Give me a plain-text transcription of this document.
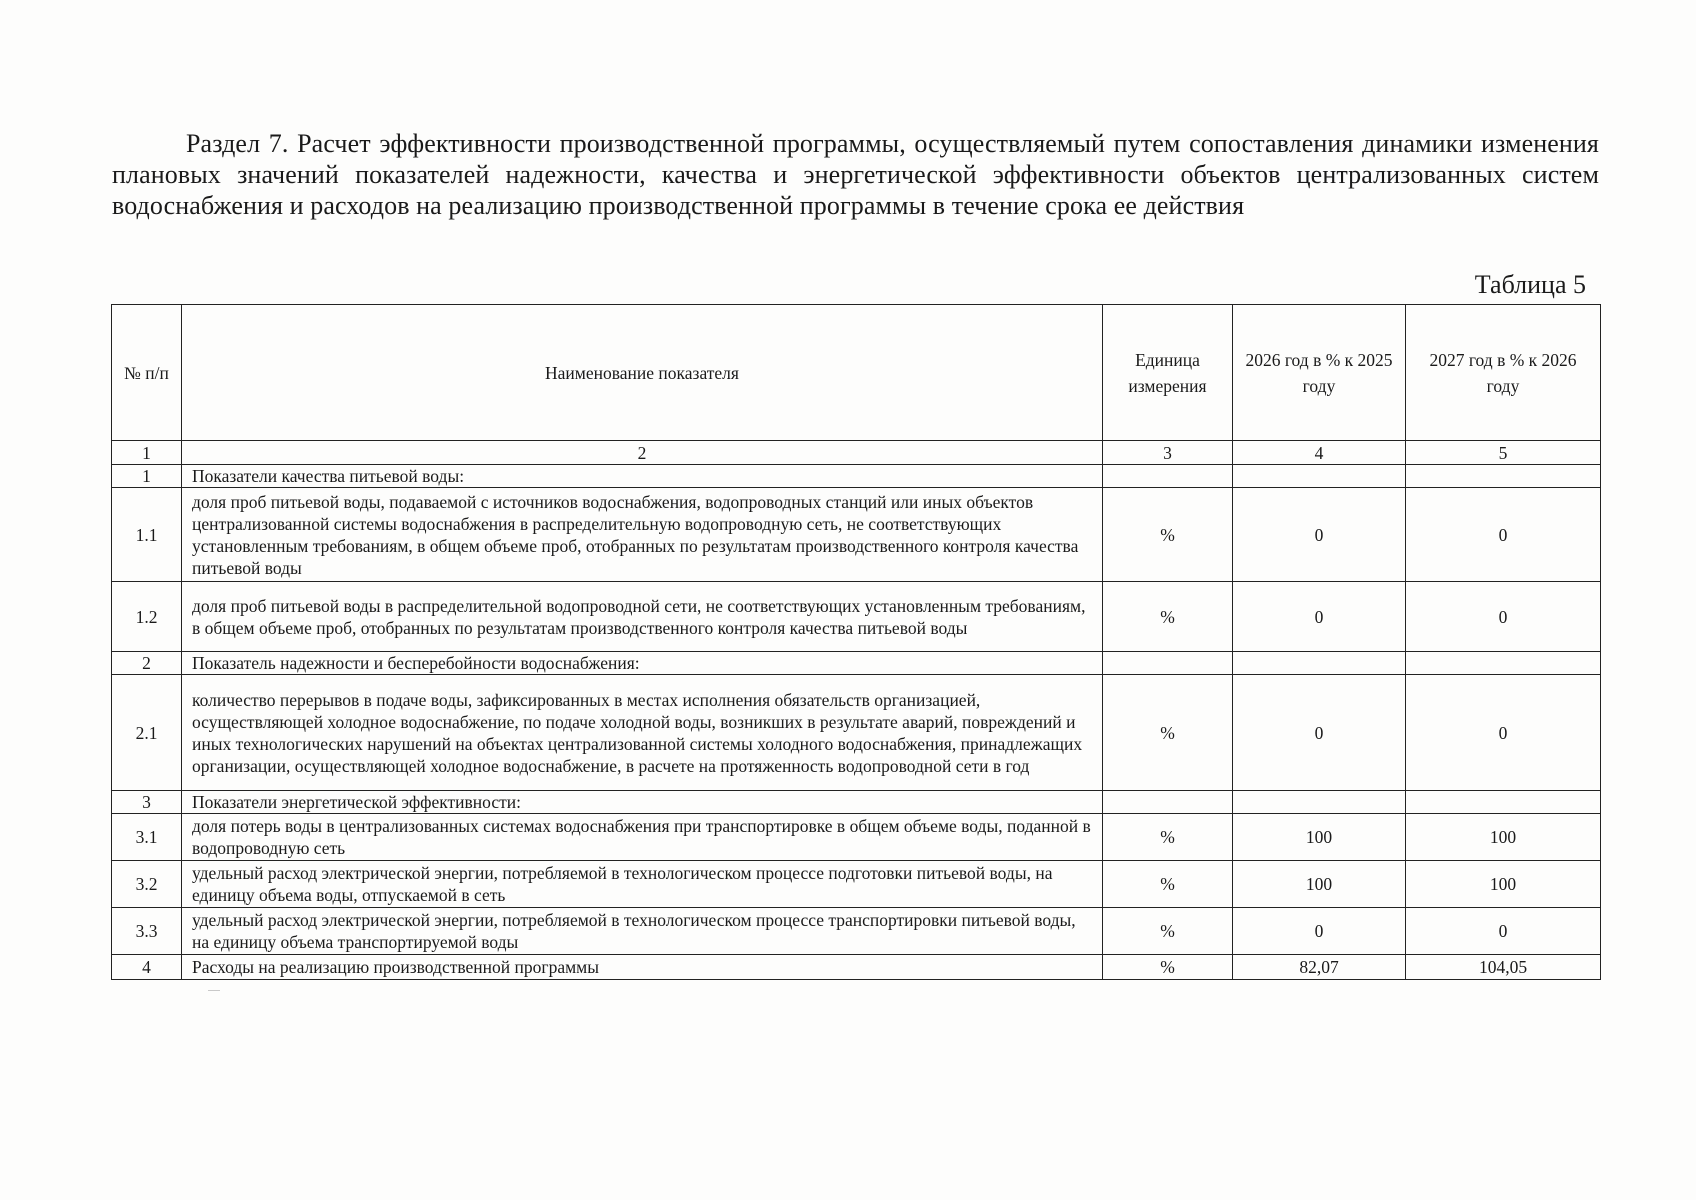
Раздел 7. Расчет эффективности производственной программы, осуществляемый путем сопоставления динамики изменения плановых значений показателей надежности, качества и энергетической эффективности объектов централизованных систем водоснабжения и расходов на реализацию производственной программы в течение срока ее действия
Таблица 5
№ п/п	Наименование показателя	Единица измерения	2026 год в % к 2025 году	2027 год в % к 2026 году
1	2	3	4	5
1	Показатели качества питьевой воды:			
1.1	доля проб питьевой воды, подаваемой с источников водоснабжения, водопроводных станций или иных объектов централизованной системы водоснабжения в распределительную водопроводную сеть, не соответствующих установленным требованиям, в общем объеме проб, отобранных по результатам производственного контроля качества питьевой воды	%	0	0
1.2	доля проб питьевой воды в распределительной водопроводной сети, не соответствующих установленным требованиям, в общем объеме проб, отобранных по результатам производственного контроля качества питьевой воды	%	0	0
2	Показатель надежности и бесперебойности водоснабжения:			
2.1	количество перерывов в подаче воды, зафиксированных в местах исполнения обязательств организацией, осуществляющей холодное водоснабжение, по подаче холодной воды, возникших в результате аварий, повреждений и иных технологических нарушений на объектах централизованной системы холодного водоснабжения, принадлежащих организации, осуществляющей холодное водоснабжение, в расчете на протяженность водопроводной сети в год	%	0	0
3	Показатели энергетической эффективности:			
3.1	доля потерь воды в централизованных системах водоснабжения при транспортировке в общем объеме воды, поданной в водопроводную сеть	%	100	100
3.2	удельный расход электрической энергии, потребляемой в технологическом процессе подготовки питьевой воды, на единицу объема воды, отпускаемой в сеть	%	100	100
3.3	удельный расход электрической энергии, потребляемой в технологическом процессе транспортировки питьевой воды, на единицу объема транспортируемой воды	%	0	0
4	Расходы на реализацию производственной программы	%	82,07	104,05
